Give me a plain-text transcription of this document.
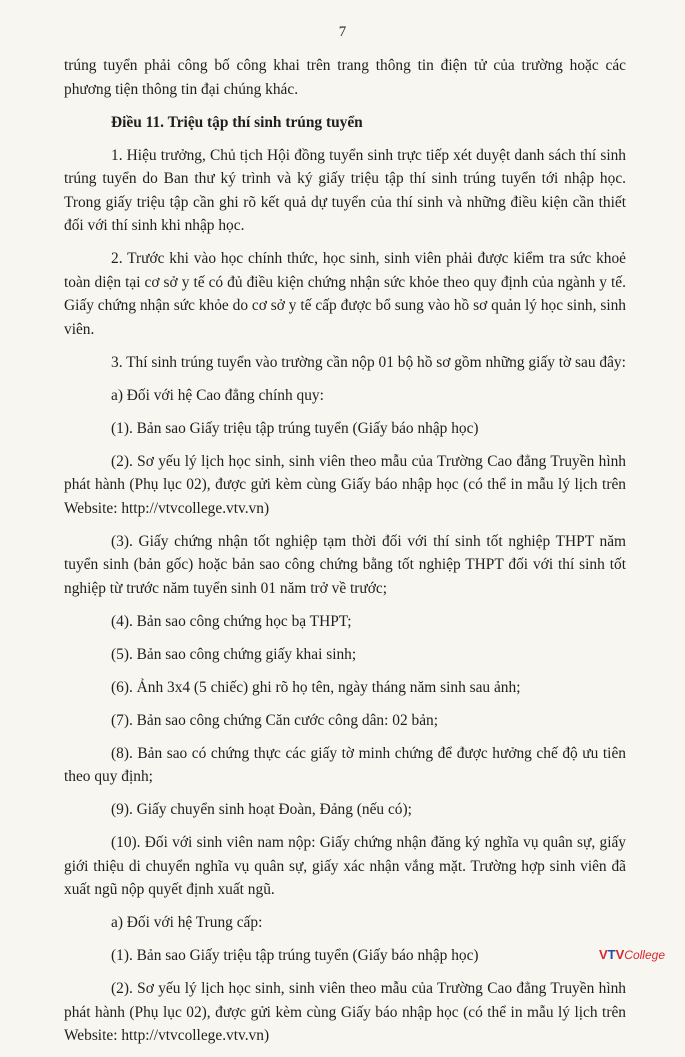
7

trúng tuyển phải công bố công khai trên trang thông tin điện tử của trường hoặc các phương tiện thông tin đại chúng khác.

Điều 11. Triệu tập thí sinh trúng tuyển

1. Hiệu trưởng, Chủ tịch Hội đồng tuyển sinh trực tiếp xét duyệt danh sách thí sinh trúng tuyển do Ban thư ký trình và ký giấy triệu tập thí sinh trúng tuyển tới nhập học. Trong giấy triệu tập cần ghi rõ kết quả dự tuyển của thí sinh và những điều kiện cần thiết đối với thí sinh khi nhập học.

2. Trước khi vào học chính thức, học sinh, sinh viên phải được kiểm tra sức khoẻ toàn diện tại cơ sở y tế có đủ điều kiện chứng nhận sức khỏe theo quy định của ngành y tế. Giấy chứng nhận sức khỏe do cơ sở y tế cấp được bổ sung vào hồ sơ quản lý học sinh, sinh viên.

3. Thí sinh trúng tuyển vào trường cần nộp 01 bộ hồ sơ gồm những giấy tờ sau đây:

a) Đối với hệ Cao đẳng chính quy:

(1). Bản sao Giấy triệu tập trúng tuyển (Giấy báo nhập học)

(2). Sơ yếu lý lịch học sinh, sinh viên theo mẫu của Trường Cao đẳng Truyền hình phát hành (Phụ lục 02), được gửi kèm cùng Giấy báo nhập học (có thể in mẫu lý lịch trên Website: http://vtvcollege.vtv.vn)

(3). Giấy chứng nhận tốt nghiệp tạm thời đối với thí sinh tốt nghiệp THPT năm tuyển sinh (bản gốc) hoặc bản sao công chứng bằng tốt nghiệp THPT đối với thí sinh tốt nghiệp từ trước năm tuyển sinh 01 năm trở về trước;

(4). Bản sao công chứng học bạ THPT;

(5). Bản sao công chứng giấy khai sinh;

(6). Ảnh 3x4 (5 chiếc) ghi rõ họ tên, ngày tháng năm sinh sau ảnh;

(7). Bản sao công chứng Căn cước công dân: 02 bản;

(8). Bản sao có chứng thực các giấy tờ minh chứng để được hưởng chế độ ưu tiên theo quy định;

(9). Giấy chuyển sinh hoạt Đoàn, Đảng (nếu có);

(10). Đối với sinh viên nam nộp: Giấy chứng nhận đăng ký nghĩa vụ quân sự, giấy giới thiệu di chuyển nghĩa vụ quân sự, giấy xác nhận vắng mặt. Trường hợp sinh viên đã xuất ngũ nộp quyết định xuất ngũ.

a) Đối với hệ Trung cấp:

(1). Bản sao Giấy triệu tập trúng tuyển (Giấy báo nhập học)

(2). Sơ yếu lý lịch học sinh, sinh viên theo mẫu của Trường Cao đẳng Truyền hình phát hành (Phụ lục 02), được gửi kèm cùng Giấy báo nhập học (có thể in mẫu lý lịch trên Website: http://vtvcollege.vtv.vn)

V T V College
